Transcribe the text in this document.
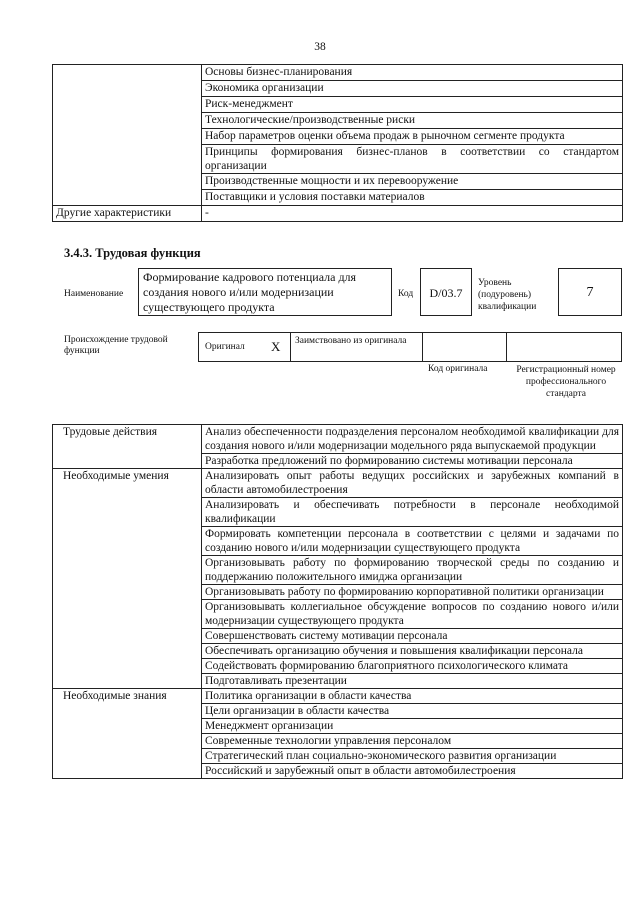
38
	Основы бизнес-планирования
	Экономика организации
	Риск-менеджмент
	Технологические/производственные риски
	Набор параметров оценки объема продаж в рыночном сегменте продукта
	Принципы формирования бизнес-планов в соответствии со стандартом организации
	Производственные мощности и их перевооружение
	Поставщики и условия поставки материалов
Другие характеристики	-
3.4.3. Трудовая функция
Наименование
Формирование кадрового потенциала для создания нового и/или модернизации существующего продукта
Код	D/03.7
Уровень (подуровень) квалификации
7
Происхождение трудовой функции	Оригинал X Заимствовано из оригинала
Код оригинала	Регистрационный номер профессионального стандарта
Трудовые действия	Анализ обеспеченности подразделения персоналом необходимой квалификации для создания нового и/или модернизации модельного ряда выпускаемой продукции
	Разработка предложений по формированию системы мотивации персонала
Необходимые умения	Анализировать опыт работы ведущих российских и зарубежных компаний в области автомобилестроения
	Анализировать и обеспечивать потребности в персонале необходимой квалификации
	Формировать компетенции персонала в соответствии с целями и задачами по созданию нового и/или модернизации существующего продукта
	Организовывать работу по формированию творческой среды по созданию и поддержанию положительного имиджа организации
	Организовывать работу по формированию корпоративной политики организации
	Организовывать коллегиальное обсуждение вопросов по созданию нового и/или модернизации существующего продукта
	Совершенствовать систему мотивации персонала
	Обеспечивать организацию обучения и повышения квалификации персонала
	Содействовать формированию благоприятного психологического климата
	Подготавливать презентации
Необходимые знания	Политика организации в области качества
	Цели организации в области качества
	Менеджмент организации
	Современные технологии управления персоналом
	Стратегический план социально-экономического развития организации
	Российский и зарубежный опыт в области автомобилестроения
